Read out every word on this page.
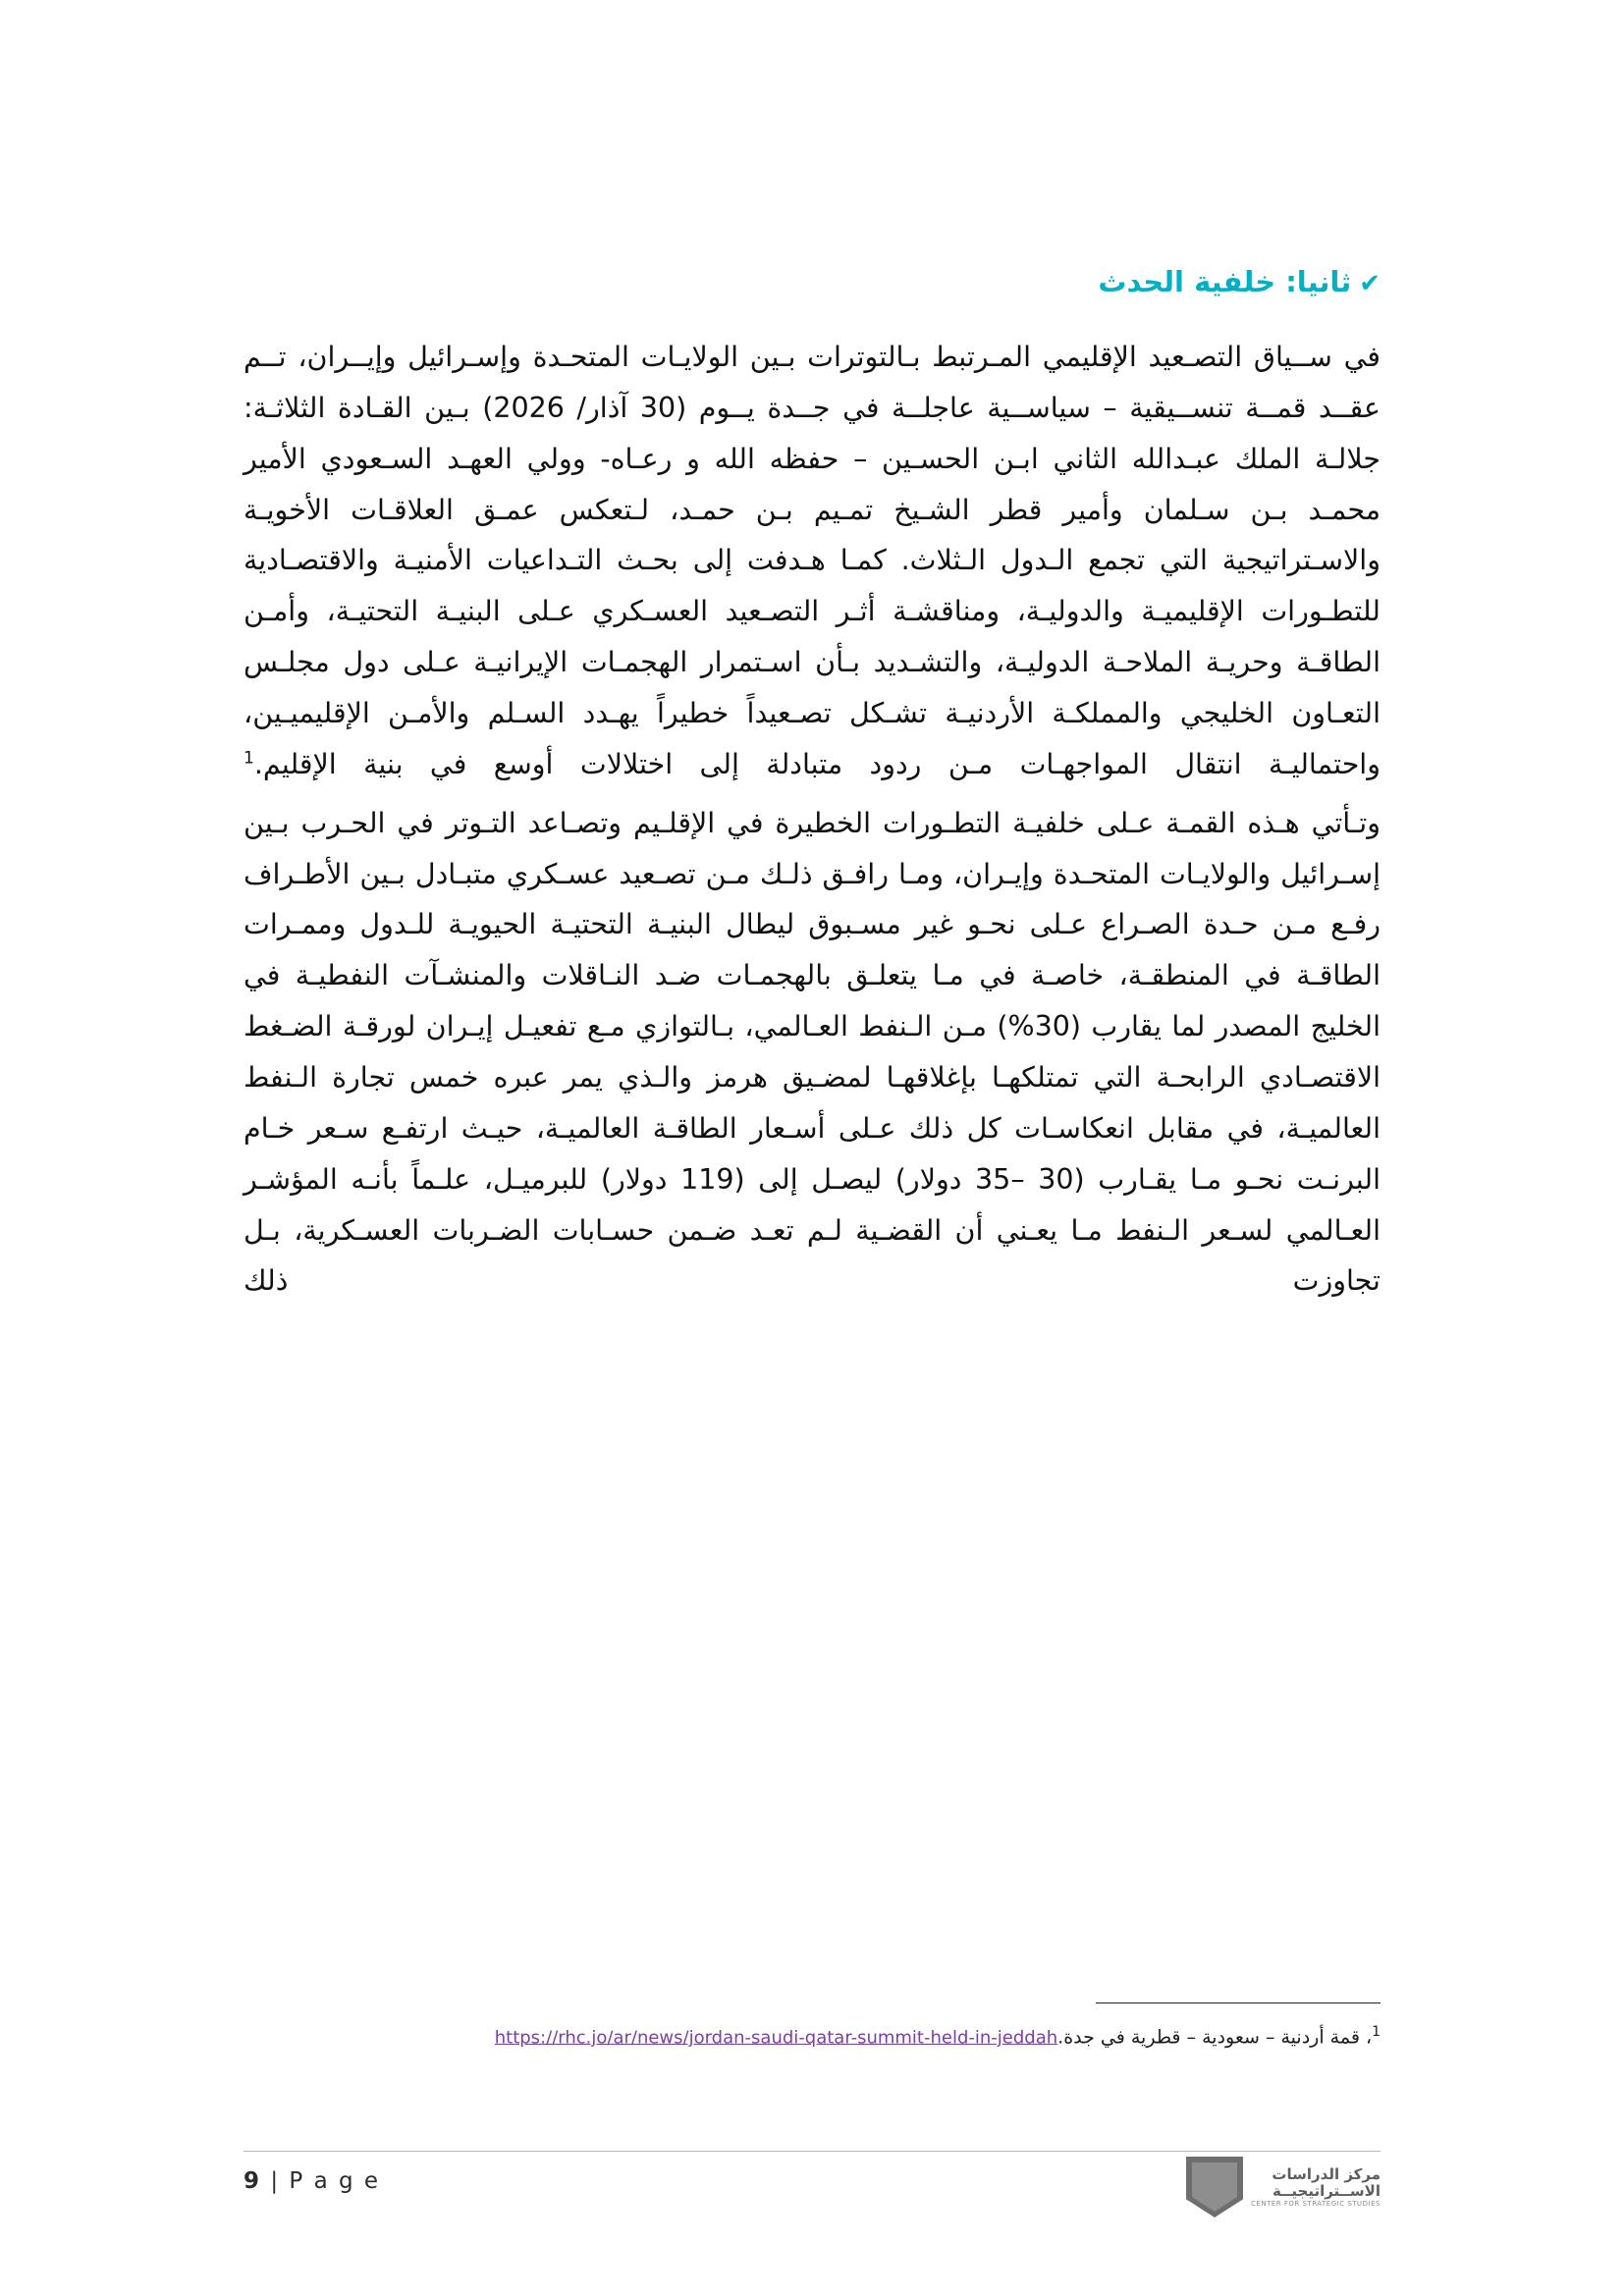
✔ثانيا: خلفية الحدث

في ســياق التصـعيد الإقليمي المـرتبط بـالتوترات بـين الولايـات المتحـدة وإسـرائيل وإيــران، تــم عقــد قمــة تنســيقية – سياســية عاجلــة في جــدة يــوم (30 آذار/ 2026) بـين القـادة الثلاثـة: جلالـة الملك عبـدالله الثاني ابـن الحسـين – حفظه الله و رعـاه- وولي العهـد السـعودي الأمير محمـد بـن سـلمان وأمير قطر الشـيخ تمـيم بـن حمـد، لـتعكس عمـق العلاقـات الأخويـة والاسـتراتيجية التي تجمع الـدول الـثلاث. كمـا هـدفت إلى بحـث التـداعيات الأمنيـة والاقتصـادية للتطـورات الإقليميـة والدوليـة، ومناقشـة أثـر التصـعيد العسـكري عـلى البنيـة التحتيـة، وأمـن الطاقـة وحريـة الملاحـة الدوليـة، والتشـديد بـأن اسـتمرار الهجمـات الإيرانيـة عـلى دول مجلـس التعـاون الخليجي والمملكـة الأردنيـة تشـكل تصـعيداً خطيراً يهـدد السـلم والأمـن الإقليميـين، واحتماليـة انتقال المواجهـات مـن ردود متبادلة إلى اختلالات أوسع في بنية الإقليم.$^1$

وتـأتي هـذه القمـة عـلى خلفيـة التطـورات الخطيرة في الإقلـيم وتصـاعد التـوتر في الحـرب بـين إسـرائيل والولايـات المتحـدة وإيـران، ومـا رافـق ذلـك مـن تصـعيد عسـكري متبـادل بـين الأطـراف رفـع مـن حـدة الصـراع عـلى نحـو غير مسـبوق ليطال البنيـة التحتيـة الحيويـة للـدول وممـرات الطاقـة في المنطقـة، خاصـة في مـا يتعلـق بالهجمـات ضـد النـاقلات والمنشـآت النفطيـة في الخليج المصدر لما يقارب (30%) مـن الـنفط العـالمي، بـالتوازي مـع تفعيـل إيـران لورقـة الضـغط الاقتصـادي الرابحـة التي تمتلكهـا بإغلاقهـا لمضـيق هرمز والـذي يمر عبره خمس تجارة الـنفط العالميـة، في مقابل انعكاسـات كل ذلك عـلى أسـعار الطاقـة العالميـة، حيـث ارتفـع سـعر خـام البرنـت نحـو مـا يقـارب (30 –35 دولار) ليصـل إلى (119 دولار) للبرميـل، علـماً بأنـه المؤشـر العـالمي لسـعر الـنفط مـا يعـني أن القضـية لـم تعـد ضـمن حسـابات الضـربات العسـكرية، بـل تجاوزت ذلك

$^1$، قمة أردنية – سعودية – قطرية في جدة.https://rhc.jo/ar/news/jordan-saudi-qatar-summit-held-in-jeddah
9 | P a g e	مركز الدراسات
الاســتراتيجيــة
CENTER FOR STRATEGIC STUDIES
